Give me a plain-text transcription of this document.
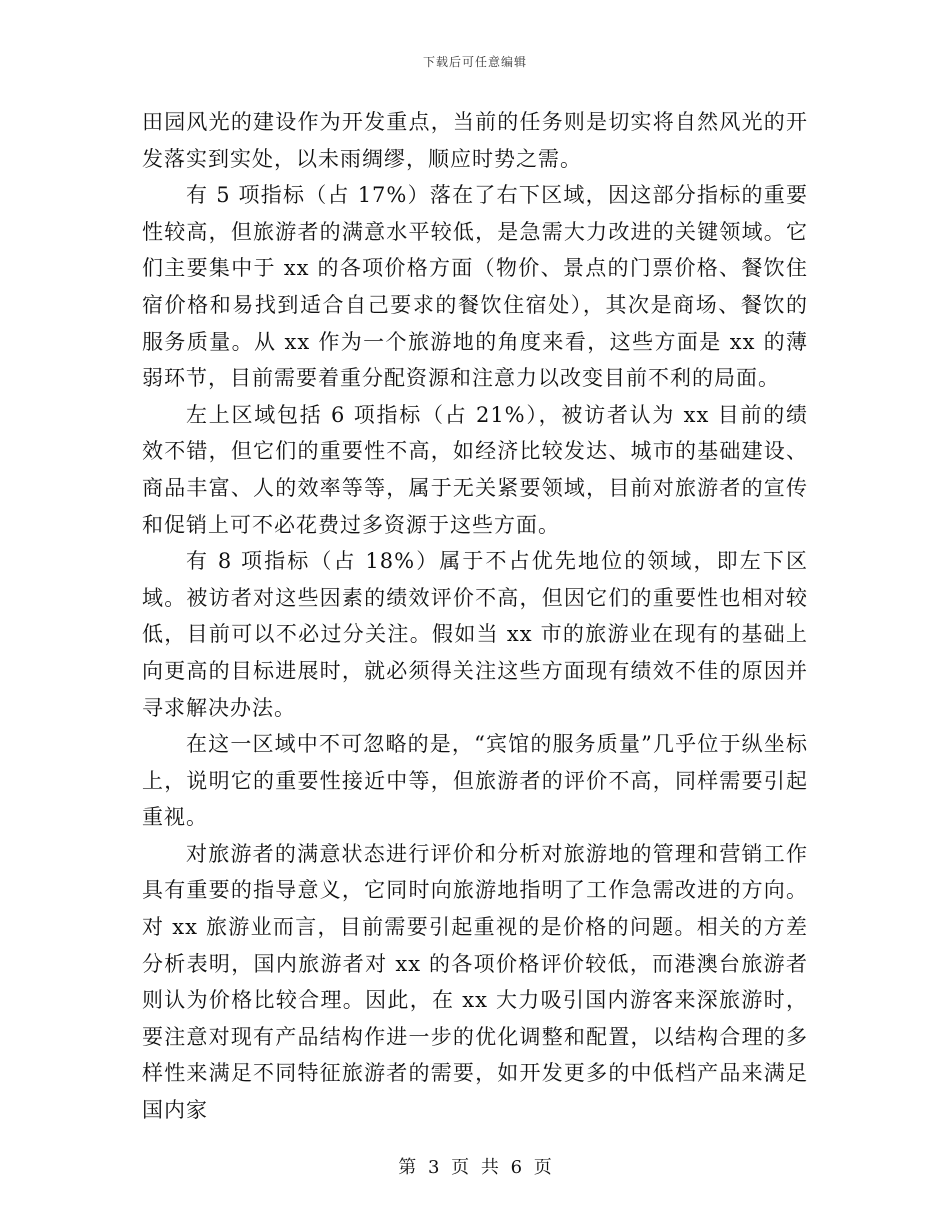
下载后可任意编辑

田园风光的建设作为开发重点，当前的任务则是切实将自然风光的开发落实到实处，以未雨绸缪，顺应时势之需。

有 5 项指标（占 17%）落在了右下区域，因这部分指标的重要性较高，但旅游者的满意水平较低，是急需大力改进的关键领域。它们主要集中于 xx 的各项价格方面（物价、景点的门票价格、餐饮住宿价格和易找到适合自己要求的餐饮住宿处），其次是商场、餐饮的服务质量。从 xx 作为一个旅游地的角度来看，这些方面是 xx 的薄弱环节，目前需要着重分配资源和注意力以改变目前不利的局面。

左上区域包括 6 项指标（占 21%），被访者认为 xx 目前的绩效不错，但它们的重要性不高，如经济比较发达、城市的基础建设、商品丰富、人的效率等等，属于无关紧要领域，目前对旅游者的宣传和促销上可不必花费过多资源于这些方面。

有 8 项指标（占 18%）属于不占优先地位的领域，即左下区域。被访者对这些因素的绩效评价不高，但因它们的重要性也相对较低，目前可以不必过分关注。假如当 xx 市的旅游业在现有的基础上向更高的目标进展时，就必须得关注这些方面现有绩效不佳的原因并寻求解决办法。

在这一区域中不可忽略的是，“宾馆的服务质量”几乎位于纵坐标上，说明它的重要性接近中等，但旅游者的评价不高，同样需要引起重视。

对旅游者的满意状态进行评价和分析对旅游地的管理和营销工作具有重要的指导意义，它同时向旅游地指明了工作急需改进的方向。对 xx 旅游业而言，目前需要引起重视的是价格的问题。相关的方差分析表明，国内旅游者对 xx 的各项价格评价较低，而港澳台旅游者则认为价格比较合理。因此，在 xx 大力吸引国内游客来深旅游时，要注意对现有产品结构作进一步的优化调整和配置，以结构合理的多样性来满足不同特征旅游者的需要，如开发更多的中低档产品来满足国内家

第 3 页 共 6 页
